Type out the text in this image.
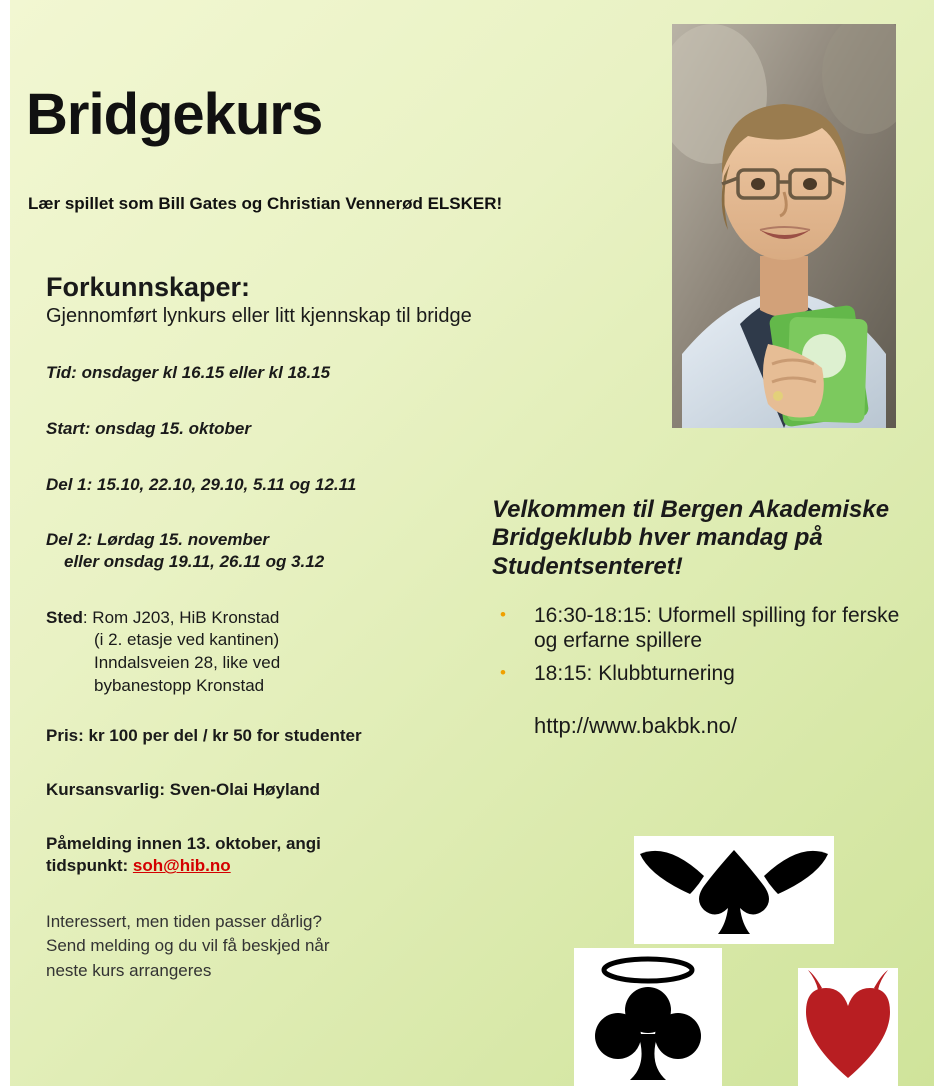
Bridgekurs
Lær spillet som Bill Gates og Christian Vennerød ELSKER!
Forkunnskaper:
Gjennomført lynkurs eller litt kjennskap til bridge
Tid: onsdager kl 16.15 eller kl 18.15
Start: onsdag 15. oktober
Del 1: 15.10, 22.10, 29.10, 5.11 og 12.11
Del 2: Lørdag 15. november
eller onsdag 19.11, 26.11 og 3.12
Sted: Rom J203, HiB Kronstad
(i 2. etasje ved kantinen)
Inndalsveien 28, like ved
bybanestopp Kronstad
Pris: kr 100 per del / kr 50 for studenter
Kursansvarlig: Sven-Olai Høyland
Påmelding innen 13. oktober, angi
tidspunkt: soh@hib.no
Interessert, men tiden passer dårlig?
Send melding og du vil få beskjed når
neste kurs arrangeres
Velkommen til Bergen Akademiske Bridgeklubb hver mandag på Studentsenteret!
• 16:30-18:15: Uformell spilling for ferske og erfarne spillere
• 18:15: Klubbturnering
http://www.bakbk.no/
